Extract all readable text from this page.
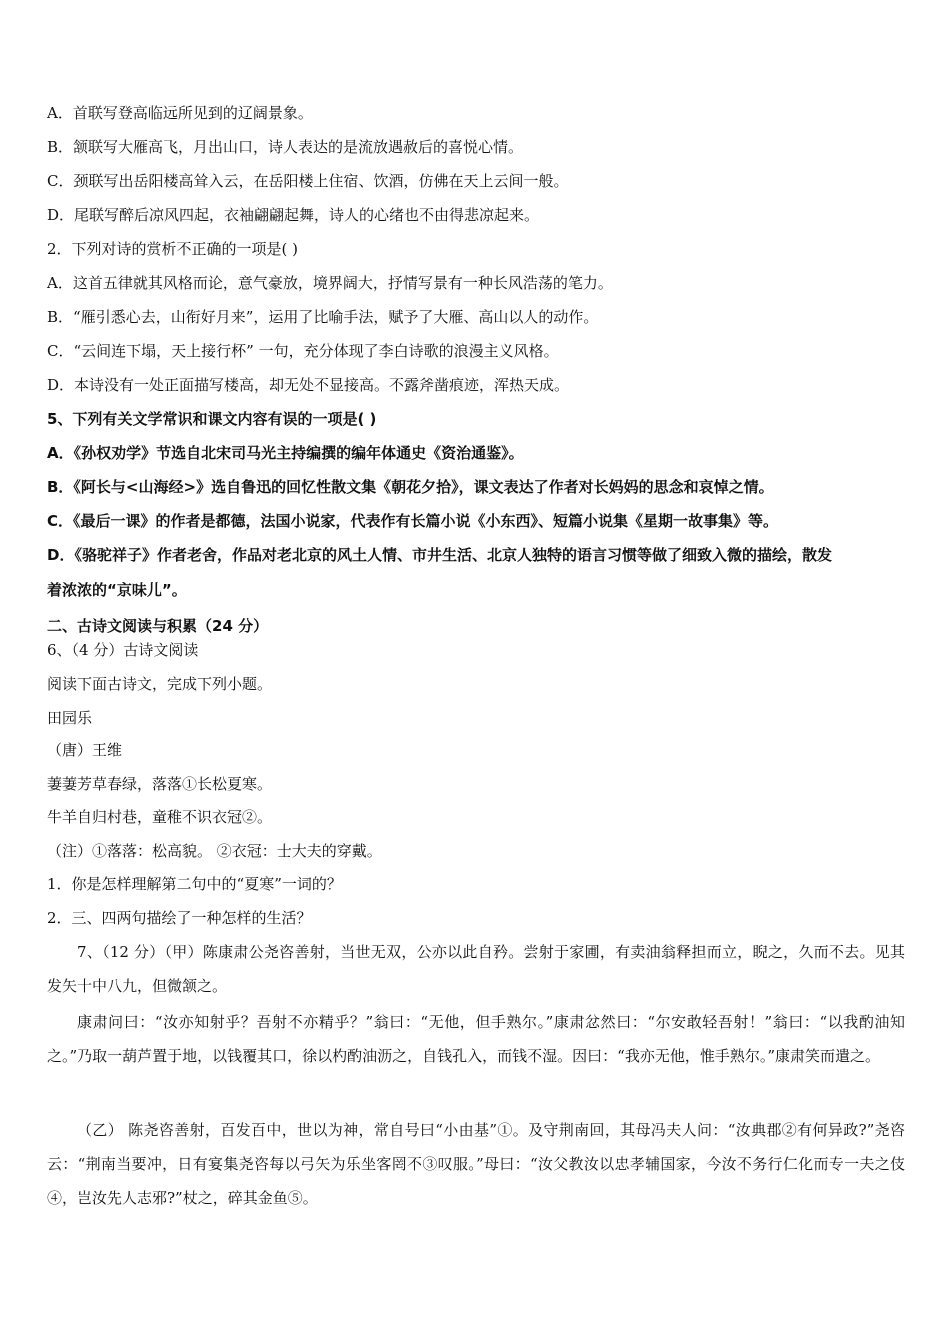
A．首联写登高临远所见到的辽阔景象。
B．颔联写大雁高飞，月出山口，诗人表达的是流放遇赦后的喜悦心情。
C．颈联写出岳阳楼高耸入云，在岳阳楼上住宿、饮酒，仿佛在天上云间一般。
D．尾联写醉后凉风四起，衣袖翩翩起舞，诗人的心绪也不由得悲凉起来。
2．下列对诗的赏析不正确的一项是( )
A．这首五律就其风格而论，意气豪放，境界阔大，抒情写景有一种长风浩荡的笔力。
B．“雁引悉心去，山衔好月来”，运用了比喻手法，赋予了大雁、高山以人的动作。
C．“云间连下塌，天上接行杯” 一句，充分体现了李白诗歌的浪漫主义风格。
D．本诗没有一处正面描写楼高，却无处不显接高。不露斧凿痕迹，浑热天成。
5、下列有关文学常识和课文内容有误的一项是( )
A．《孙权劝学》节选自北宋司马光主持编撰的编年体通史《资治通鉴》。
B．《阿长与<山海经>》选自鲁迅的回忆性散文集《朝花夕拾》，课文表达了作者对长妈妈的思念和哀悼之情。
C．《最后一课》的作者是都德，法国小说家，代表作有长篇小说《小东西》、短篇小说集《星期一故事集》等。
D．《骆驼祥子》作者老舍，作品对老北京的风土人情、市井生活、北京人独特的语言习惯等做了细致入微的描绘，散发
着浓浓的“京味儿”。
二、古诗文阅读与积累（24 分）
6、（4 分）古诗文阅读
阅读下面古诗文，完成下列小题。
田园乐
（唐）王维
萋萋芳草春绿，落落①长松夏寒。
牛羊自归村巷，童稚不识衣冠②。
（注）①落落：松高貌。 ②衣冠：士大夫的穿戴。
1．你是怎样理解第二句中的“夏寒”一词的？
2．三、四两句描绘了一种怎样的生活？
7、（12 分）（甲）陈康肃公尧咨善射，当世无双，公亦以此自矜。尝射于家圃，有卖油翁释担而立，睨之，久而不去。见其发矢十中八九，但微颔之。
康肃问曰：“汝亦知射乎？吾射不亦精乎？”翁曰：“无他，但手熟尔。”康肃忿然曰：“尔安敢轻吾射！”翁曰：“以我酌油知之。”乃取一葫芦置于地，以钱覆其口，徐以杓酌油沥之，自钱孔入，而钱不湿。因曰：“我亦无他，惟手熟尔。”康肃笑而遣之。
（乙） 陈尧咨善射，百发百中，世以为神，常自号曰“小由基”①。及守荆南回，其母冯夫人问：“汝典郡②有何异政?”尧咨云：“荆南当要冲，日有宴集尧咨每以弓矢为乐坐客罔不③叹服。”母曰：“汝父教汝以忠孝辅国家，今汝不务行仁化而专一夫之伎④，岂汝先人志邪?”杖之，碎其金鱼⑤。
